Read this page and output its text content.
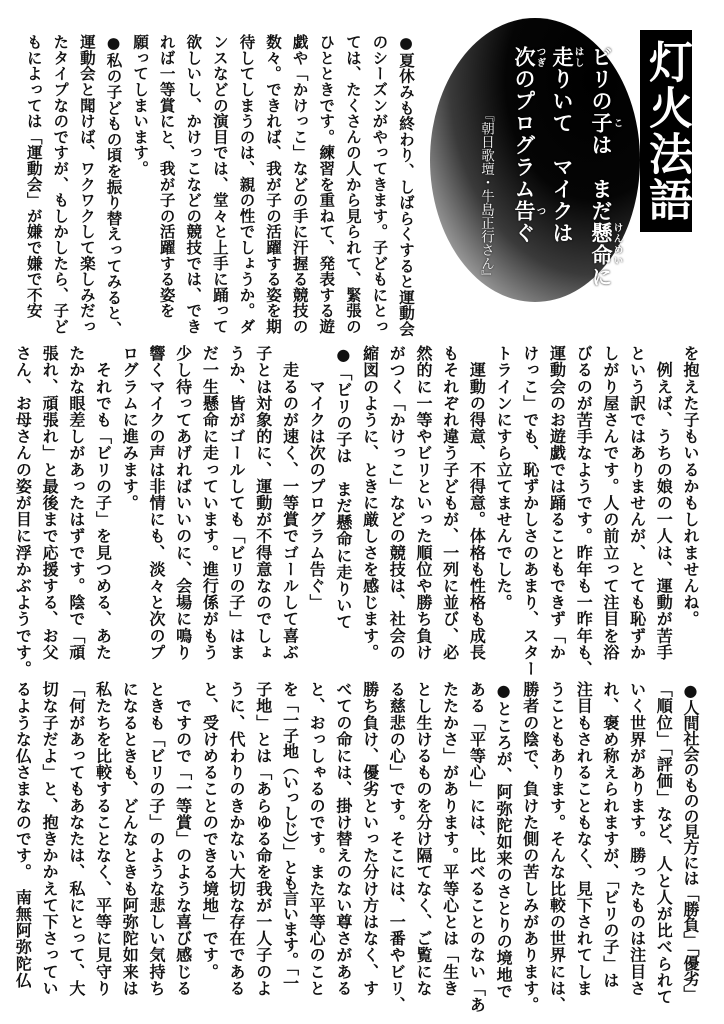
灯火法語
ビリの子こは　まだ懸命けんめいに
走はしりいて　マイクは
次つぎのプログラム告つぐ
『朝日歌壇・牛島正行さん』
●夏休みも終わり、しばらくすると運動会
のシーズンがやってきます。子どもにとっ
ては、たくさんの人から見られて、緊張の
ひとときです。練習を重ねて、発表する遊
戯や「かけっこ」などの手に汗握る競技の
数々。できれば、我が子の活躍する姿を期
待してしまうのは、親の性でしょうか。ダ
ンスなどの演目では、堂々と上手に踊って
欲しいし、かけっこなどの競技では、でき
れば一等賞にと、我が子の活躍する姿を
願ってしまいます。
●私の子どもの頃を振り替えってみると、
運動会と聞けば、ワクワクして楽しみだっ
たタイプなのですが、もしかしたら、子ど
もによっては「運動会」が嫌で嫌で不安
を抱えた子もいるかもしれませんね。
　例えば、うちの娘の一人は、運動が苦手
という訳ではありませんが、とても恥ずか
しがり屋さんです。人の前立って注目を浴
びるのが苦手なようです。昨年も一昨年も、
運動会のお遊戯では踊ることもできず「か
けっこ」でも、恥ずかしさのあまり、スター
トラインにすら立てませんでした。
　運動の得意、不得意。体格も性格も成長
もそれぞれ違う子どもが、一列に並び、必
然的に一等やビリといった順位や勝ち負け
がつく「かけっこ」などの競技は、社会の
縮図のように、ときに厳しさを感じます。
●「ビリの子は　まだ懸命に走りいて
　　マイクは次のプログラム告ぐ」
　走るのが速く、一等賞でゴールして喜ぶ
子とは対象的に、運動が不得意なのでしょ
うか、皆がゴールしても「ビリの子」はま
だ一生懸命に走っています。進行係がもう
少し待ってあげればいいのに、会場に鳴り
響くマイクの声は非情にも、淡々と次のプ
ログラムに進みます。
　それでも「ビリの子」を見つめる、あた
たかな眼差しがあったはずです。陰で「頑
張れ、頑張れ」と最後まで応援する、お父
さん、お母さんの姿が目に浮かぶようです。
●人間社会のものの見方には「勝負」「優劣」
「順位」「評価」など、人と人が比べられて
いく世界があります。勝ったものは注目さ
れ、褒め称えられますが、「ビリの子」は
注目もされることもなく、見下されてしま
うこともあります。そんな比較の世界には、
勝者の陰で、負けた側の苦しみがあります。
●ところが、阿弥陀如来のさとりの境地で
ある「平等心」には、比べることのない「あ
たたかさ」があります。平等心とは「生き
とし生けるものを分け隔てなく、ご覧にな
る慈悲の心」です。そこには、一番やビリ、
勝ち負け、優劣といった分け方はなく、す
べての命には、掛け替えのない尊さがある
と、おっしゃるのです。また平等心のこと
を「一子地（いっしじ）」とも言います。「一
子地」とは「あらゆる命を我が一人子のよ
うに、代わりのきかない大切な存在である
と、受けめることのできる境地」です。
　ですので「一等賞」のような喜び感じる
ときも「ビリの子」のような悲しい気持ち
になるときも、どんなときも阿弥陀如来は
私たちを比較することなく、平等に見守り
「何があってもあなたは、私にとって、大
切な子だよ」と、抱きかかえて下さってい
るような仏さまなのです。　南無阿弥陀仏
